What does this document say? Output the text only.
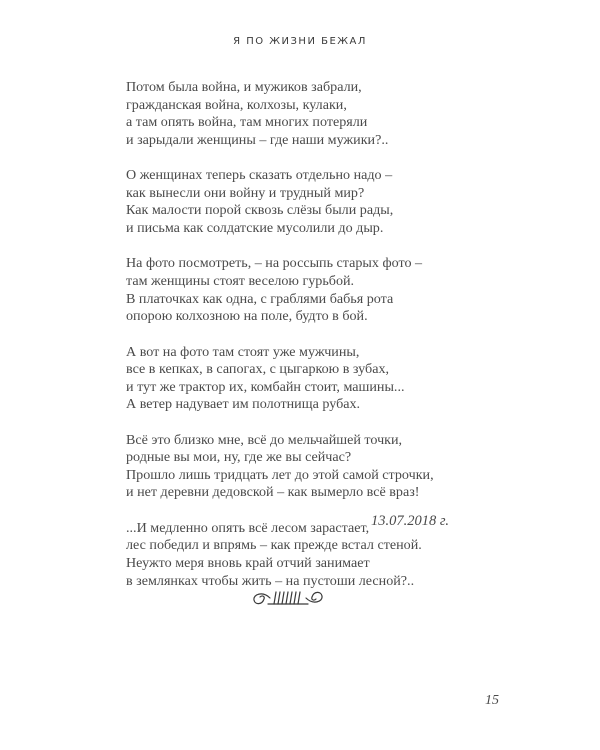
Я ПО ЖИЗНИ БЕЖАЛ
Потом была война, и мужиков забрали,
гражданская война, колхозы, кулаки,
а там опять война, там многих потеряли
и зарыдали женщины – где наши мужики?..
О женщинах теперь сказать отдельно надо –
как вынесли они войну и трудный мир?
Как малости порой сквозь слёзы были рады,
и письма как солдатские мусолили до дыр.
На фото посмотреть, – на россыпь старых фото –
там женщины стоят веселою гурьбой.
В платочках как одна, с граблями бабья рота
опорою колхозною на поле, будто в бой.
А вот на фото там стоят уже мужчины,
все в кепках, в сапогах, с цыгаркою в зубах,
и тут же трактор их, комбайн стоит, машины...
А ветер надувает им полотнища рубах.
Всё это близко мне, всё до мельчайшей точки,
родные вы мои, ну, где же вы сейчас?
Прошло лишь тридцать лет до этой самой строчки,
и нет деревни дедовской – как вымерло всё враз!
...И медленно опять всё лесом зарастает,
лес победил и впрямь – как прежде встал стеной.
Неужто меря вновь край отчий занимает
в землянках чтобы жить – на пустоши лесной?..
13.07.2018 г.
15
